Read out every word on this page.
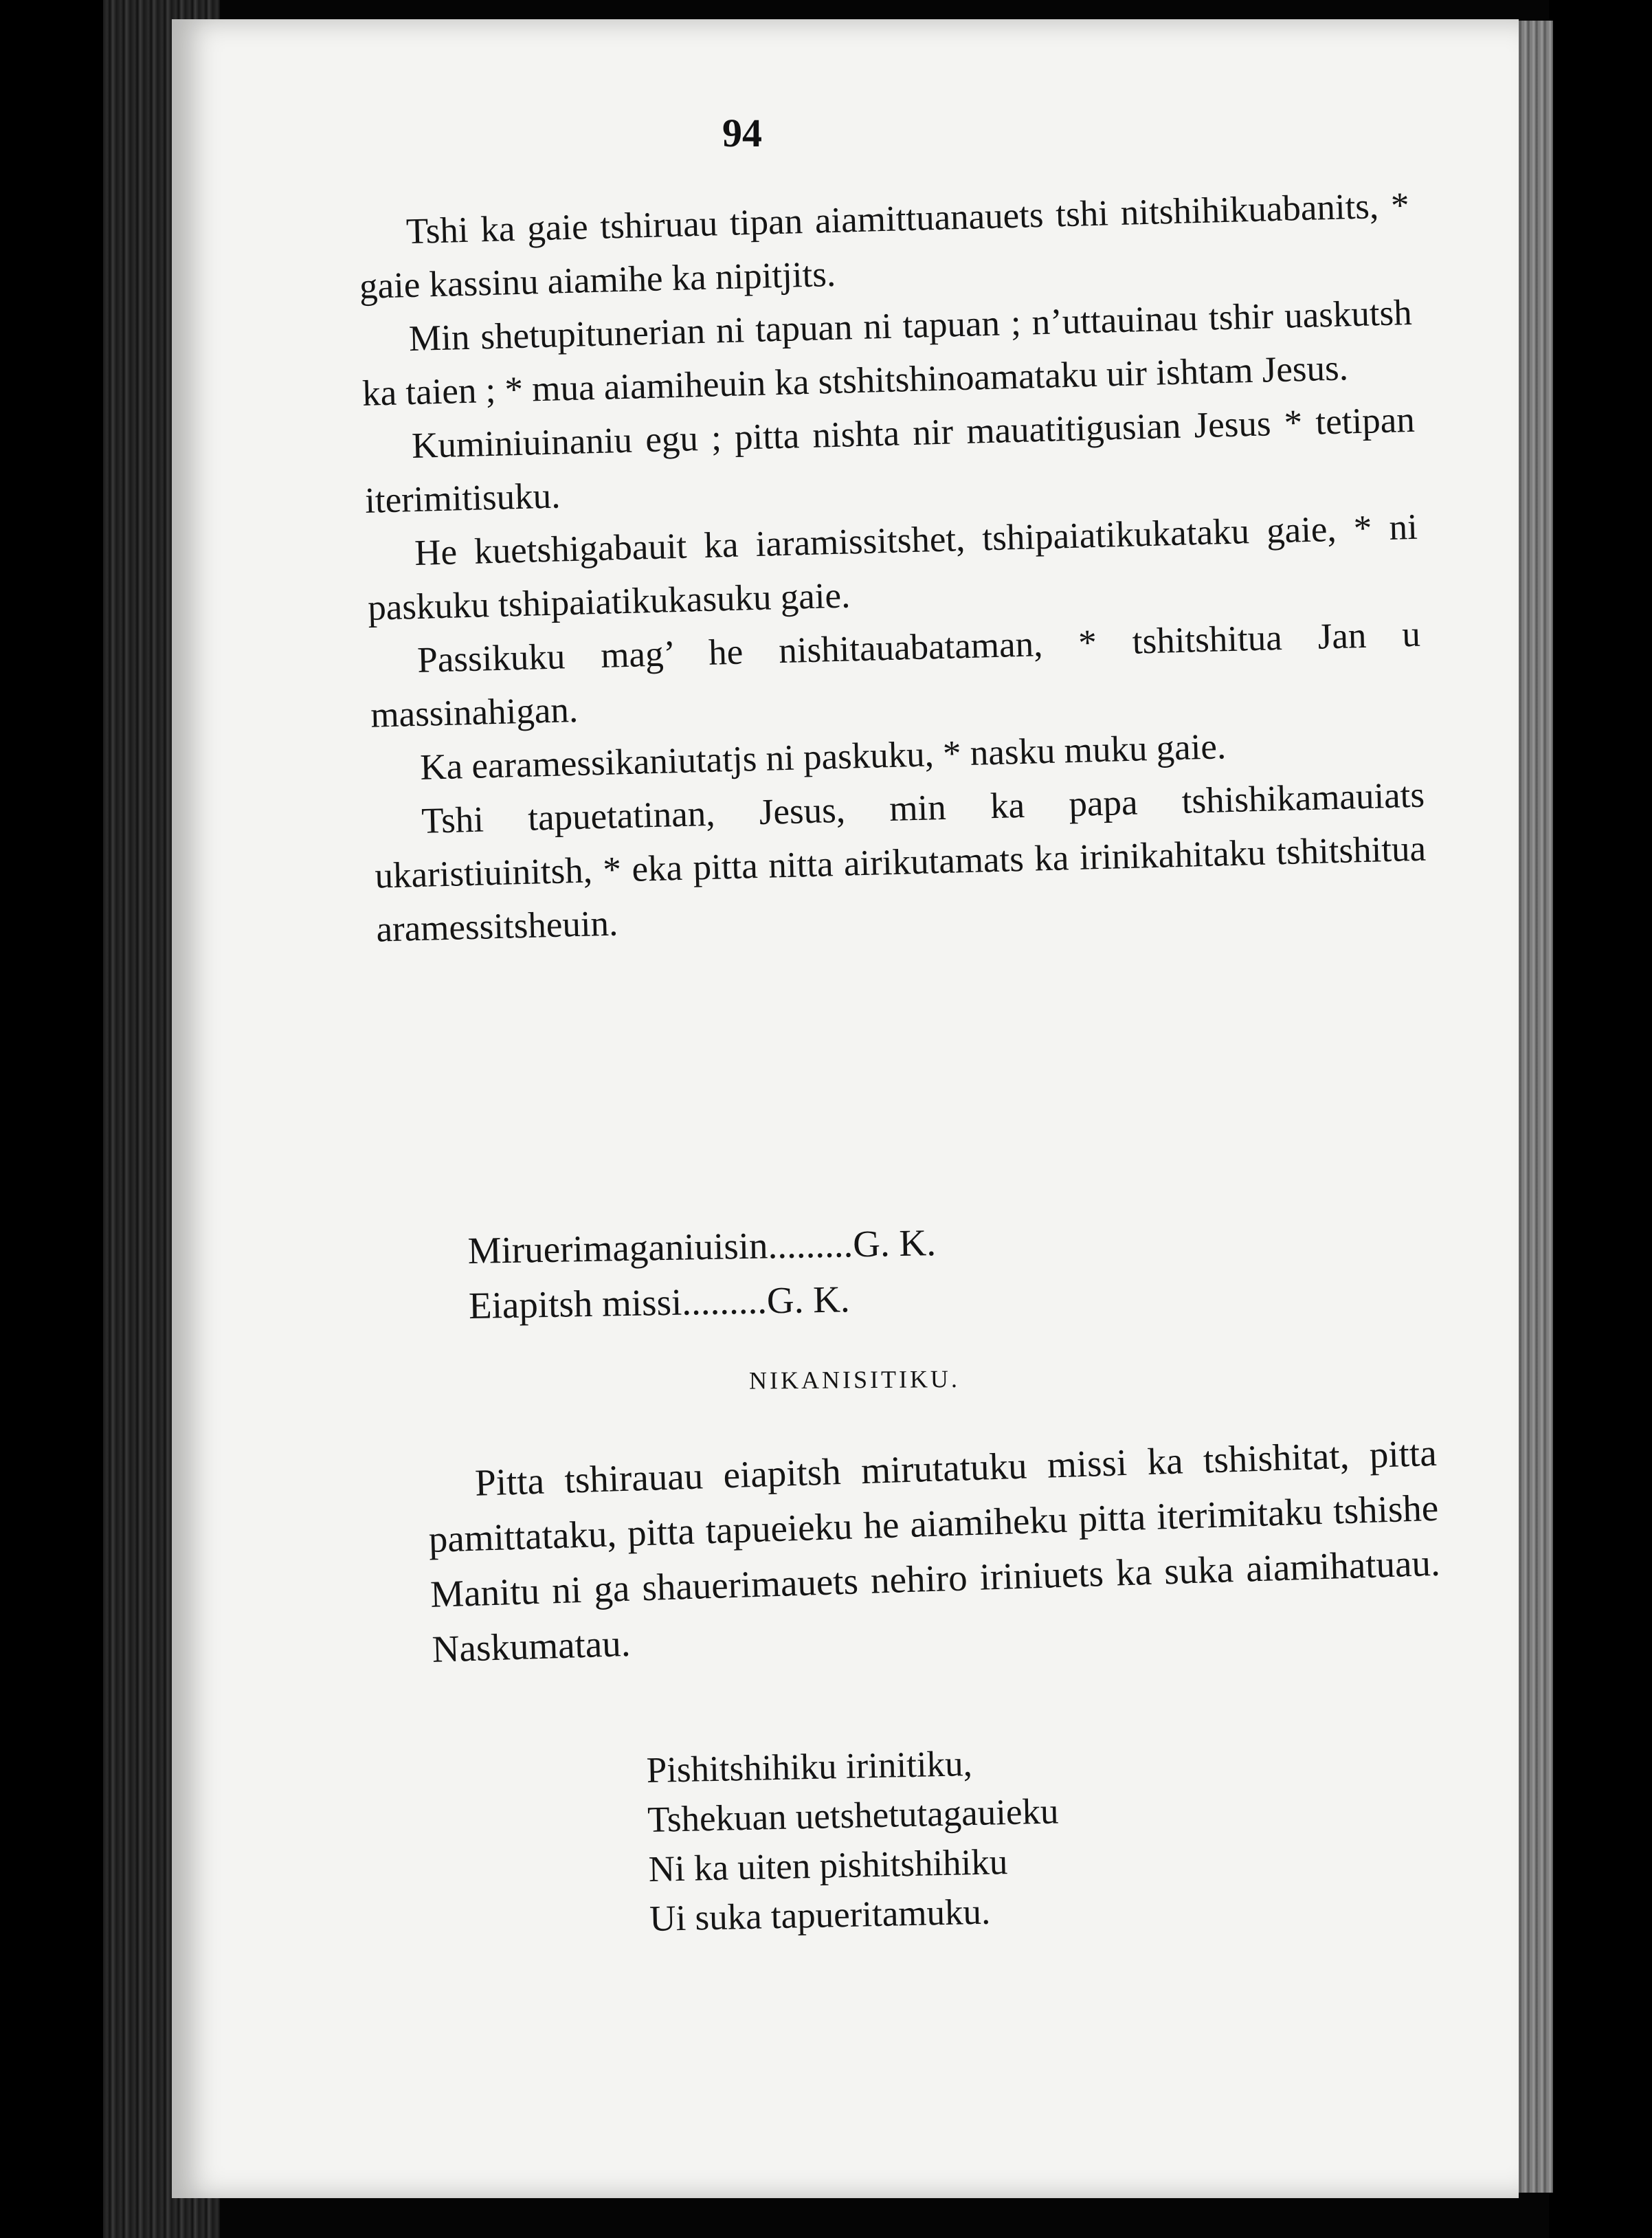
94

Tshi ka gaie tshiruau tipan aiamittuanauets tshi nitshihikuabanits, * gaie kassinu aiamihe ka nipitjits.

Min shetupitunerian ni tapuan ni tapuan ; n’uttauinau tshir uaskutsh ka taien ; * mua aiamiheuin ka stshitshinoamataku uir ishtam Jesus.

Kuminiuinaniu egu ; pitta nishta nir mauatitigusian Jesus * tetipan iterimitisuku.

He kuetshigabauit ka iaramissitshet, tshipaiatikukataku gaie, * ni paskuku tshipaiatikukasuku gaie.

Passikuku mag’ he nishitauabataman, * tshitshitua Jan u massinahigan.

Ka earamessikaniutatjs ni paskuku, * nasku muku gaie.

Tshi tapuetatinan, Jesus, min ka papa tshishikamauiats ukaristiuinitsh, * eka pitta nitta airikutamats ka irinikahitaku tshitshitua aramessitsheuin.

Miruerimaganiuisin.........G. K.

Eiapitsh missi.........G. K.

NIKANISITIKU.

Pitta tshirauau eiapitsh mirutatuku missi ka tshishitat, pitta pamittataku, pitta tapueieku he aiamiheku pitta iterimitaku tshishe Manitu ni ga shauerimauets nehiro iriniuets ka suka aiamihatuau. Naskumatau.

Pishitshihiku irinitiku,

Tshekuan uetshetutagauieku

Ni ka uiten pishitshihiku

Ui suka tapueritamuku.
